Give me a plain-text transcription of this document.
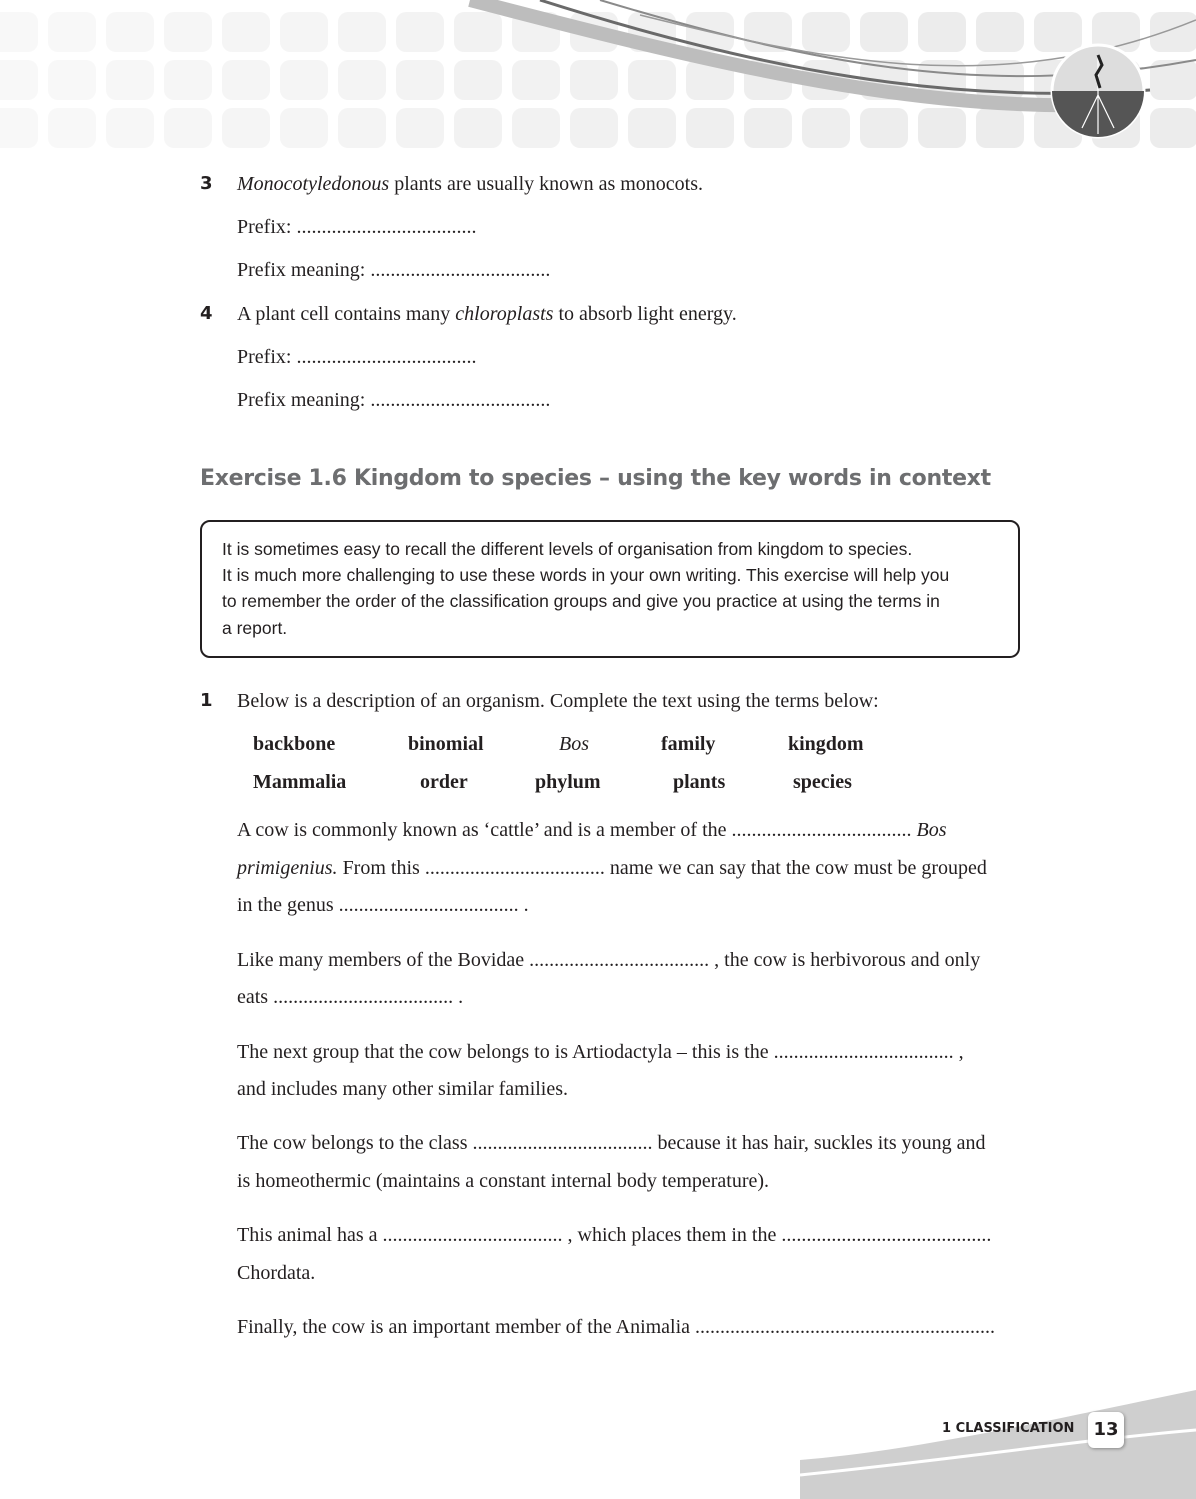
3 Monocotyledonous plants are usually known as monocots.
Prefix: ....................................
Prefix meaning: ....................................
4 A plant cell contains many chloroplasts to absorb light energy.
Prefix: ....................................
Prefix meaning: ....................................
Exercise 1.6 Kingdom to species – using the key words in context
It is sometimes easy to recall the different levels of organisation from kingdom to species.
It is much more challenging to use these words in your own writing. This exercise will help you
to remember the order of the classification groups and give you practice at using the terms in
a report.
1 Below is a description of an organism. Complete the text using the terms below:
backbone	binomial	Bos	family	kingdom
Mammalia	order	phylum	plants	species
A cow is commonly known as ‘cattle’ and is a member of the .................................... Bos
primigenius. From this .................................... name we can say that the cow must be grouped
in the genus .................................... .
Like many members of the Bovidae .................................... , the cow is herbivorous and only
eats .................................... .
The next group that the cow belongs to is Artiodactyla – this is the .................................... ,
and includes many other similar families.
The cow belongs to the class .................................... because it has hair, suckles its young and
is homeothermic (maintains a constant internal body temperature).
This animal has a .................................... , which places them in the ..........................................
Chordata.
Finally, the cow is an important member of the Animalia ............................................................
1 CLASSIFICATION	13
